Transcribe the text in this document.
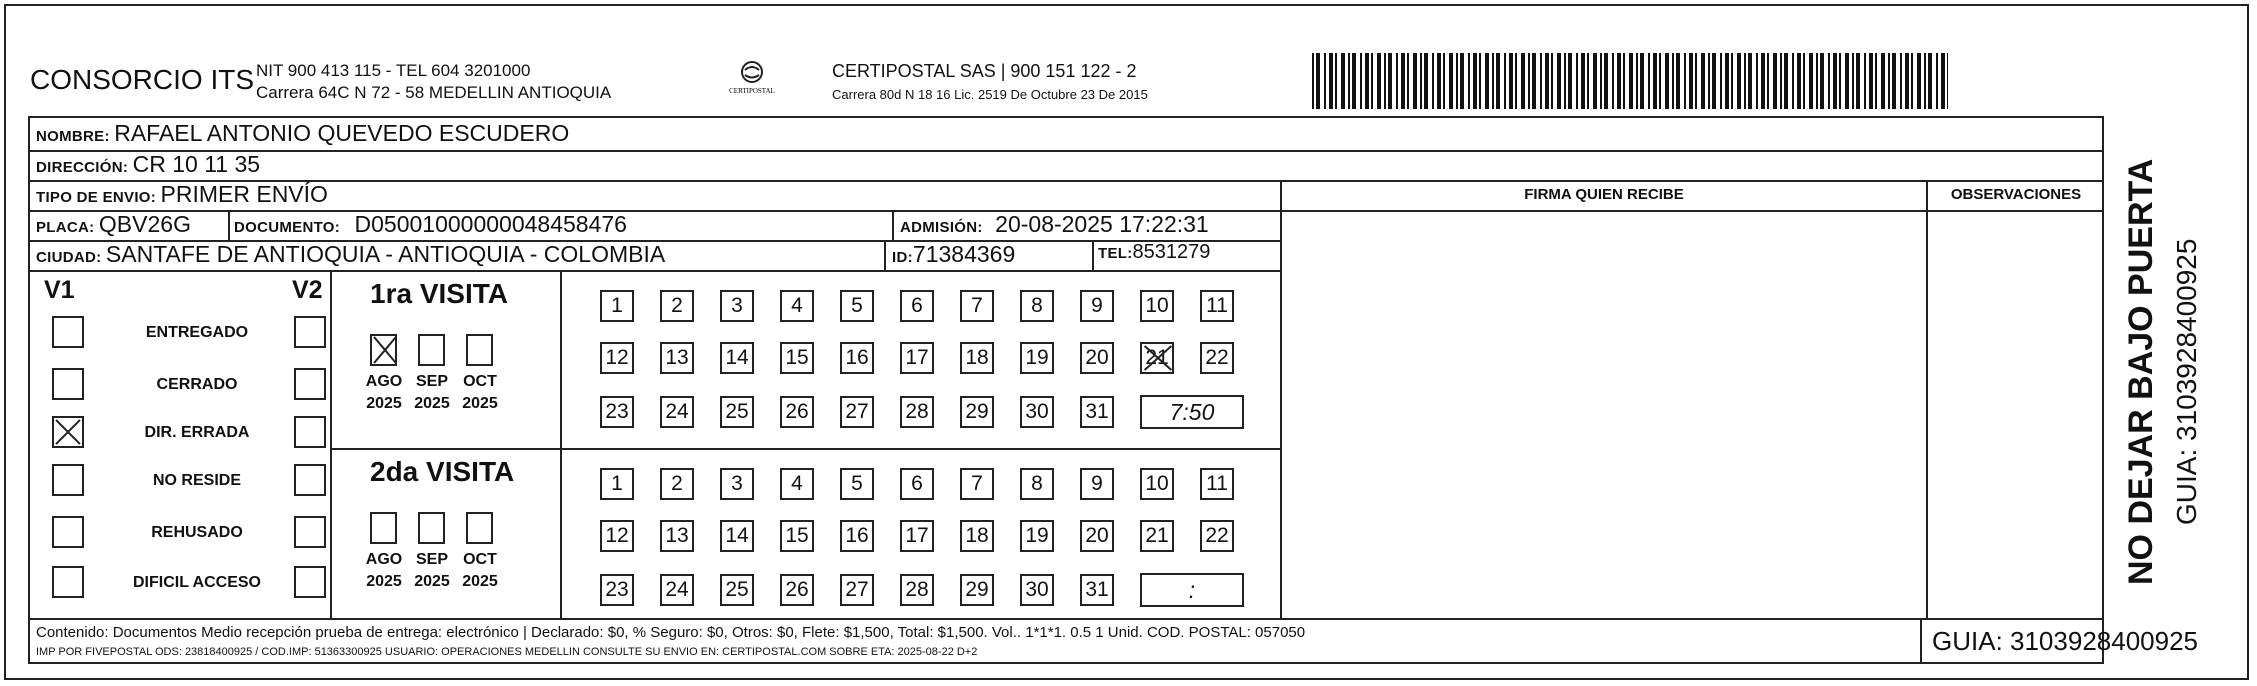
CONSORCIO ITS NIT 900 413 115 - TEL 604 3201000
Carrera 64C N 72 - 58 MEDELLIN ANTIOQUIA	CERTIPOSTAL
CERTIPOSTAL SAS | 900 151 122 - 2
Carrera 80d N 18 16 Lic. 2519 De Octubre 23 De 2015
NOMBRE: RAFAEL ANTONIO QUEVEDO ESCUDERO
DIRECCIÓN: CR 10 11 35
TIPO DE ENVIO: PRIMER ENVÍO	FIRMA QUIEN RECIBE	OBSERVACIONES
PLACA: QBV26G	DOCUMENTO: D05001000000048458476	ADMISIÓN: 20-08-2025 17:22:31
CIUDAD: SANTAFE DE ANTIOQUIA - ANTIOQUIA - COLOMBIA	ID:71384369	TEL:8531279
V1	V2
ENTREGADO
CERRADO
DIR. ERRADA
NO RESIDE
REHUSADO
DIFICIL ACCESO
1ra VISITA
AGO
2025
SEP
2025
OCT
2025
1	2	3	4	5	6	7	8	9	10 11
12 13 14 15 16 17 18 19 20 21 22
23 24 25 26 27 28 29 30 31	7:50
2da VISITA
AGO
2025
SEP
2025
OCT
2025
1	2	3	4	5	6	7	8	9	10 11
12 13 14 15 16 17 18 19 20 21 22
23 24 25 26 27 28 29 30 31	:
Contenido: Documentos Medio recepción prueba de entrega: electrónico | Declarado: $0, % Seguro: $0, Otros: $0, Flete: $1,500, Total: $1,500. Vol.. 1*1*1. 0.5 1 Unid. COD. POSTAL: 057050
IMP POR FIVEPOSTAL ODS: 23818400925 / COD.IMP: 51363300925 USUARIO: OPERACIONES MEDELLIN CONSULTE SU ENVIO EN: CERTIPOSTAL.COM SOBRE ETA: 2025-08-22 D+2	GUIA: 3103928400925
NO DEJAR BAJO PUERTA GUIA: 3103928400925
